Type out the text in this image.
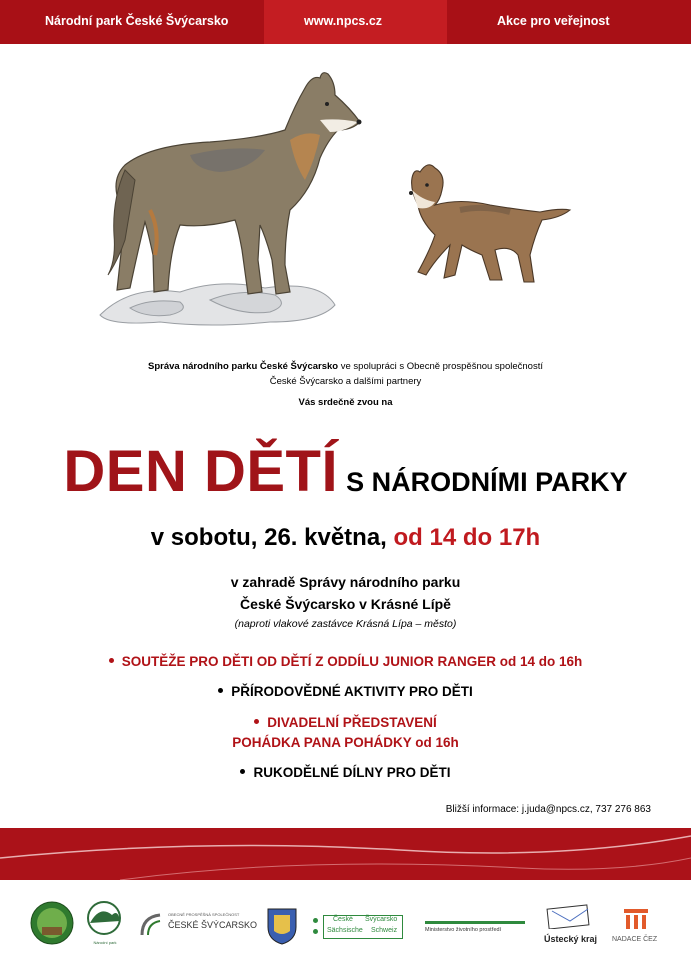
Národní park České Švýcarsko	www.npcs.cz	Akce pro veřejnost
Správa národního parku České Švýcarsko ve spolupráci s Obecně prospěšnou společností
České Švýcarsko a dalšími partnery
Vás srdečně zvou na
DEN DĚTÍ S NÁRODNÍMI PARKY
v sobotu, 26. května, od 14 do 17h
v zahradě Správy národního parku
České Švýcarsko v Krásné Lípě
(naproti vlakové zastávce Krásná Lípa – město)
SOUTĚŽE PRO DĚTI OD DĚTÍ Z ODDÍLU JUNIOR RANGER od 14 do 16h
PŘÍRODOVĚDNÉ AKTIVITY PRO DĚTI
DIVADELNÍ PŘEDSTAVENÍ
POHÁDKA PANA POHÁDKY od 16h
RUKODĚLNÉ DÍLNY PRO DĚTI
Bližší informace: j.juda@npcs.cz, 737 276 863
Národní park
OBECNĚ PROSPĚŠNÁ SPOLEČNOST
ČESKÉ ŠVÝCARSKO
České Švýcarsko
Sächsische Schweiz	Ministerstvo životního prostředí
Ústecký kraj	NADACE ČEZ
